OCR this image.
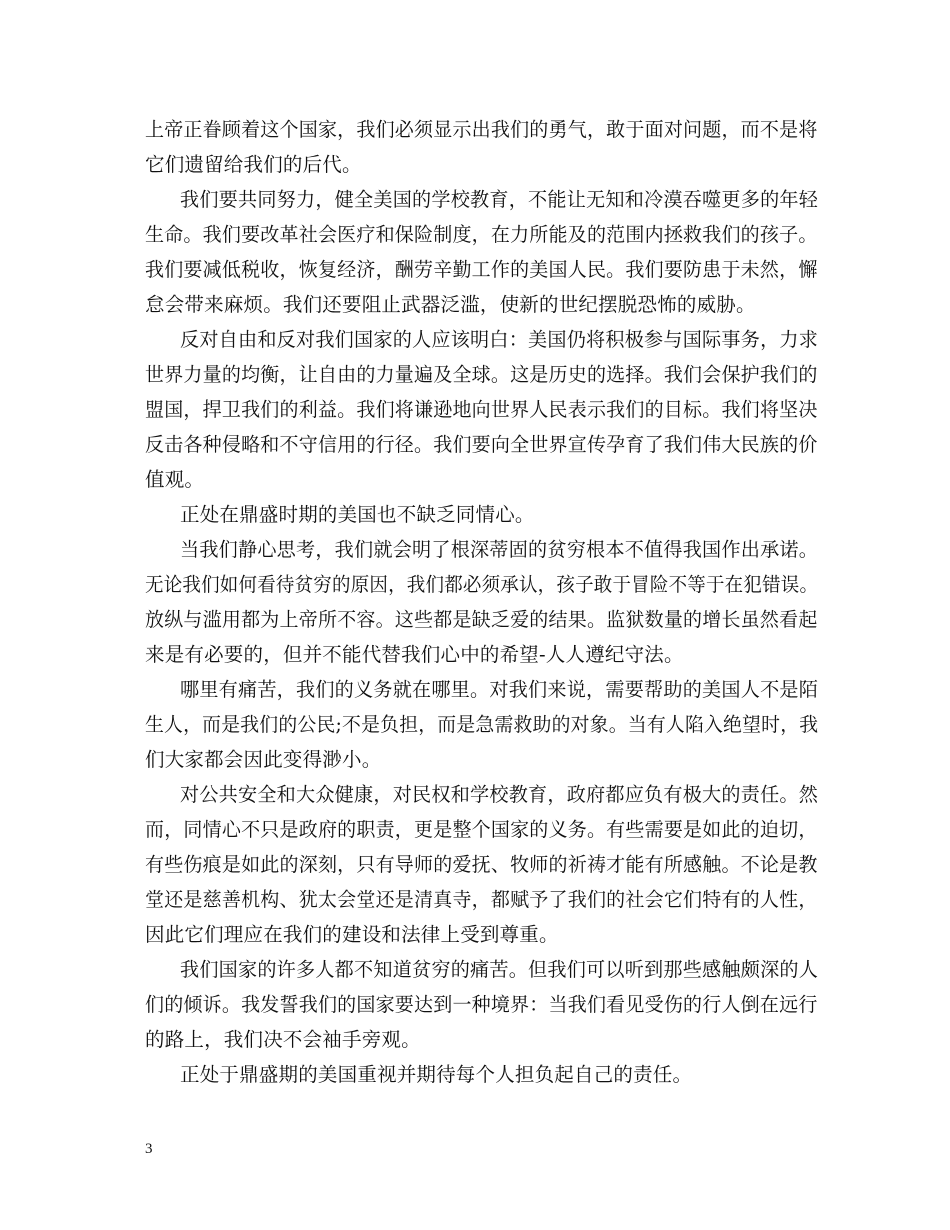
上帝正眷顾着这个国家，我们必须显示出我们的勇气，敢于面对问题，而不是将
它们遗留给我们的后代。
我们要共同努力，健全美国的学校教育，不能让无知和冷漠吞噬更多的年轻
生命。我们要改革社会医疗和保险制度，在力所能及的范围内拯救我们的孩子。
我们要减低税收，恢复经济，酬劳辛勤工作的美国人民。我们要防患于未然，懈
怠会带来麻烦。我们还要阻止武器泛滥，使新的世纪摆脱恐怖的威胁。
反对自由和反对我们国家的人应该明白：美国仍将积极参与国际事务，力求
世界力量的均衡，让自由的力量遍及全球。这是历史的选择。我们会保护我们的
盟国，捍卫我们的利益。我们将谦逊地向世界人民表示我们的目标。我们将坚决
反击各种侵略和不守信用的行径。我们要向全世界宣传孕育了我们伟大民族的价
值观。
正处在鼎盛时期的美国也不缺乏同情心。
当我们静心思考，我们就会明了根深蒂固的贫穷根本不值得我国作出承诺。
无论我们如何看待贫穷的原因，我们都必须承认，孩子敢于冒险不等于在犯错误。
放纵与滥用都为上帝所不容。这些都是缺乏爱的结果。监狱数量的增长虽然看起
来是有必要的，但并不能代替我们心中的希望-人人遵纪守法。
哪里有痛苦，我们的义务就在哪里。对我们来说，需要帮助的美国人不是陌
生人，而是我们的公民;不是负担，而是急需救助的对象。当有人陷入绝望时，我
们大家都会因此变得渺小。
对公共安全和大众健康，对民权和学校教育，政府都应负有极大的责任。然
而，同情心不只是政府的职责，更是整个国家的义务。有些需要是如此的迫切，
有些伤痕是如此的深刻，只有导师的爱抚、牧师的祈祷才能有所感触。不论是教
堂还是慈善机构、犹太会堂还是清真寺，都赋予了我们的社会它们特有的人性，
因此它们理应在我们的建设和法律上受到尊重。
我们国家的许多人都不知道贫穷的痛苦。但我们可以听到那些感触颇深的人
们的倾诉。我发誓我们的国家要达到一种境界：当我们看见受伤的行人倒在远行
的路上，我们决不会袖手旁观。
正处于鼎盛期的美国重视并期待每个人担负起自己的责任。
3
